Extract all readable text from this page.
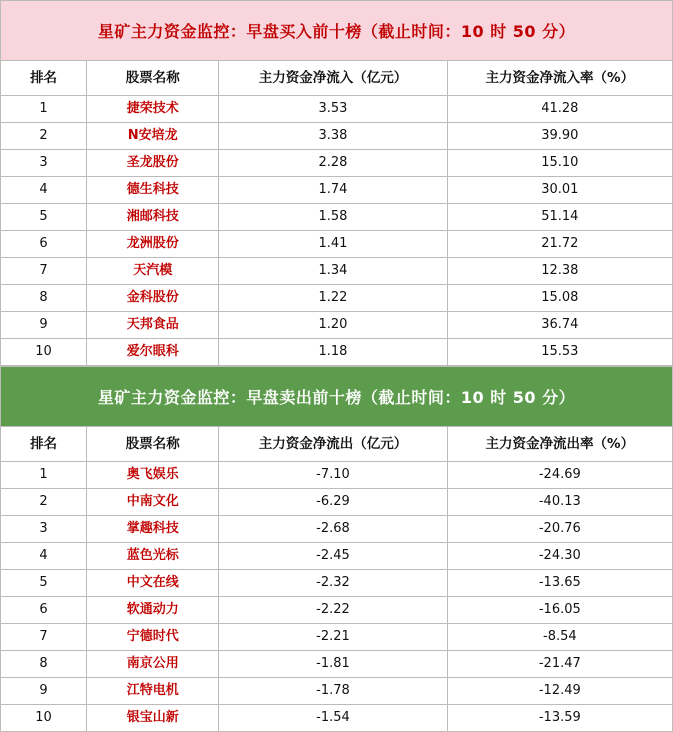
星矿主力资金监控：早盘买入前十榜（截止时间：10 时 50 分）
排名	股票名称	主力资金净流入（亿元）	主力资金净流入率（%）
1	捷荣技术	3.53	41.28
2	N安培龙	3.38	39.90
3	圣龙股份	2.28	15.10
4	德生科技	1.74	30.01
5	湘邮科技	1.58	51.14
6	龙洲股份	1.41	21.72
7	天汽模	1.34	12.38
8	金科股份	1.22	15.08
9	天邦食品	1.20	36.74
10	爱尔眼科	1.18	15.53
星矿主力资金监控：早盘卖出前十榜（截止时间：10 时 50 分）
排名	股票名称	主力资金净流出（亿元）	主力资金净流出率（%）
1	奥飞娱乐	-7.10	-24.69
2	中南文化	-6.29	-40.13
3	掌趣科技	-2.68	-20.76
4	蓝色光标	-2.45	-24.30
5	中文在线	-2.32	-13.65
6	软通动力	-2.22	-16.05
7	宁德时代	-2.21	-8.54
8	南京公用	-1.81	-21.47
9	江特电机	-1.78	-12.49
10	银宝山新	-1.54	-13.59
